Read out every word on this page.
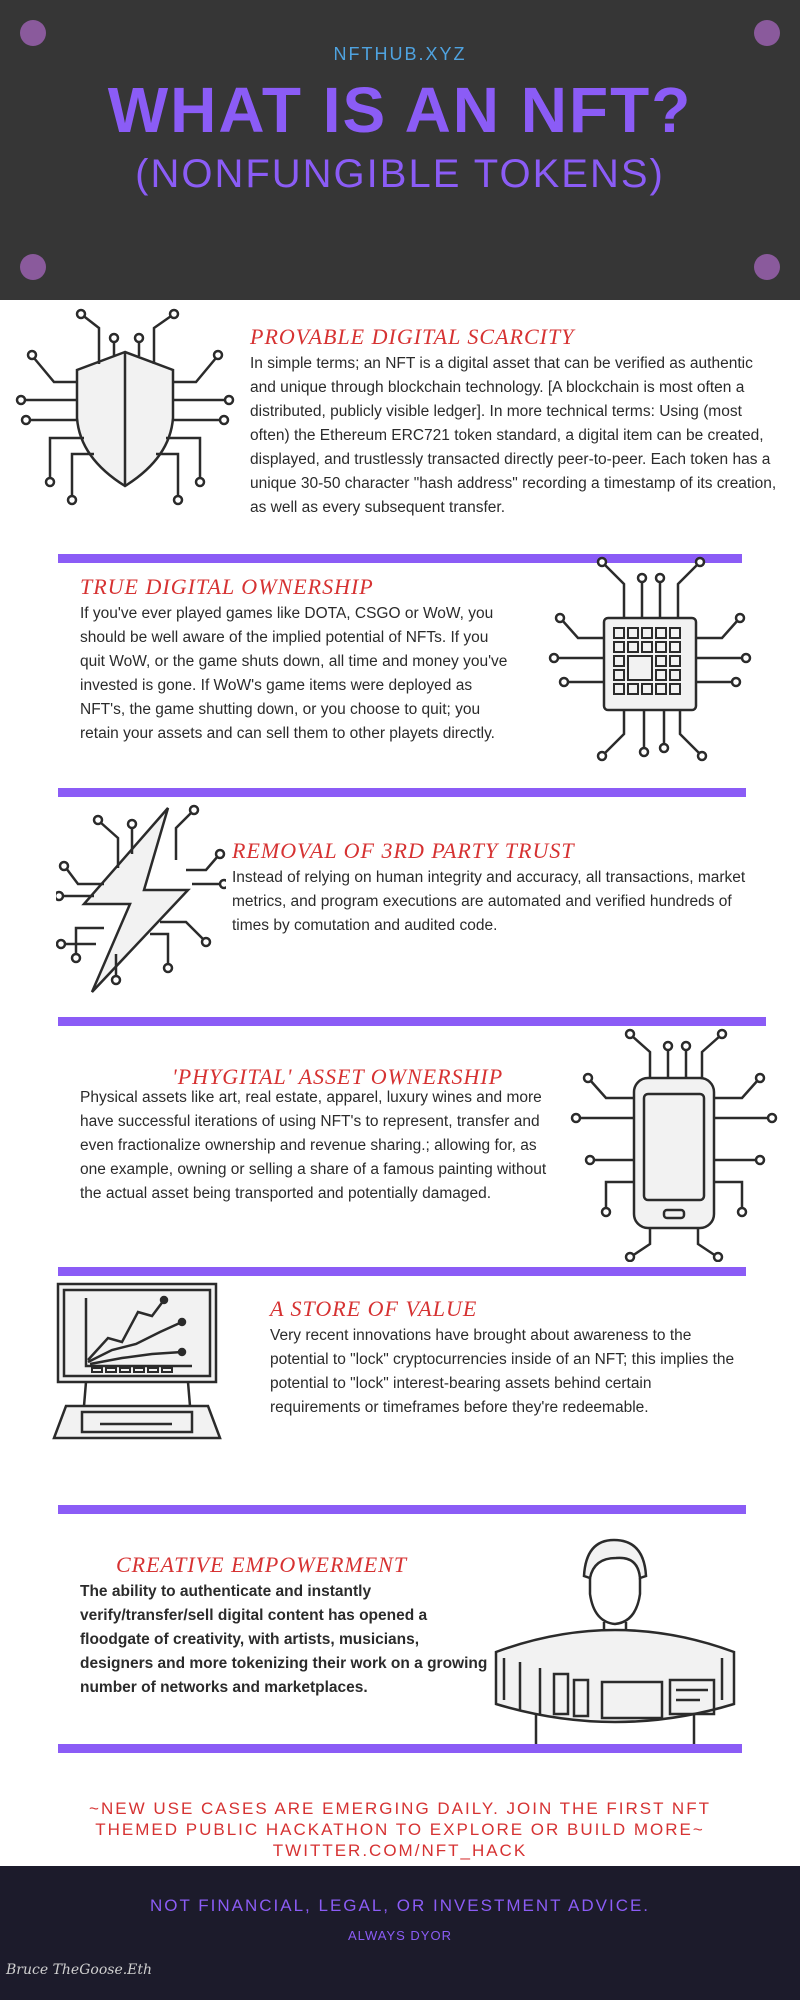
NFTHUB.XYZ
WHAT IS AN NFT?
(NONFUNGIBLE TOKENS)
PROVABLE DIGITAL SCARCITY
In simple terms; an NFT is a digital asset that can be verified as authentic and unique through blockchain technology. [A blockchain is most often a distributed, publicly visible ledger]. In more technical terms: Using (most often) the Ethereum ERC721 token standard, a digital item can be created, displayed, and trustlessly transacted directly peer-to-peer. Each token has a unique 30-50 character "hash address" recording a timestamp of its creation, as well as every subsequent transfer.
TRUE DIGITAL OWNERSHIP
If you've ever played games like DOTA, CSGO or WoW, you should be well aware of the implied potential of NFTs. If you quit WoW, or the game shuts down, all time and money you've invested is gone. If WoW's game items were deployed as NFT's, the game shutting down, or you choose to quit; you retain your assets and can sell them to other playets directly.
REMOVAL OF 3RD PARTY TRUST
Instead of relying on human integrity and accuracy, all transactions, market metrics, and program executions are automated and verified hundreds of times by comutation and audited code.
'PHYGITAL' ASSET OWNERSHIP
Physical assets like art, real estate, apparel, luxury wines and more have successful iterations of using NFT's to represent, transfer and even fractionalize ownership and revenue sharing.; allowing for, as one example, owning or selling a share of a famous painting without the actual asset being transported and potentially damaged.
A STORE OF VALUE
Very recent innovations have brought about awareness to the potential to "lock" cryptocurrencies inside of an NFT; this implies the potential to "lock" interest-bearing assets behind certain requirements or timeframes before they're redeemable.
CREATIVE EMPOWERMENT
The ability to authenticate and instantly verify/transfer/sell digital content has opened a floodgate of creativity, with artists, musicians, designers and more tokenizing their work on a growing number of networks and marketplaces.
~NEW USE CASES ARE EMERGING DAILY. JOIN THE FIRST NFT
THEMED PUBLIC HACKATHON TO EXPLORE OR BUILD MORE~
TWITTER.COM/NFT_HACK
NOT FINANCIAL, LEGAL, OR INVESTMENT ADVICE.
ALWAYS DYOR
Bruce TheGoose.Eth
